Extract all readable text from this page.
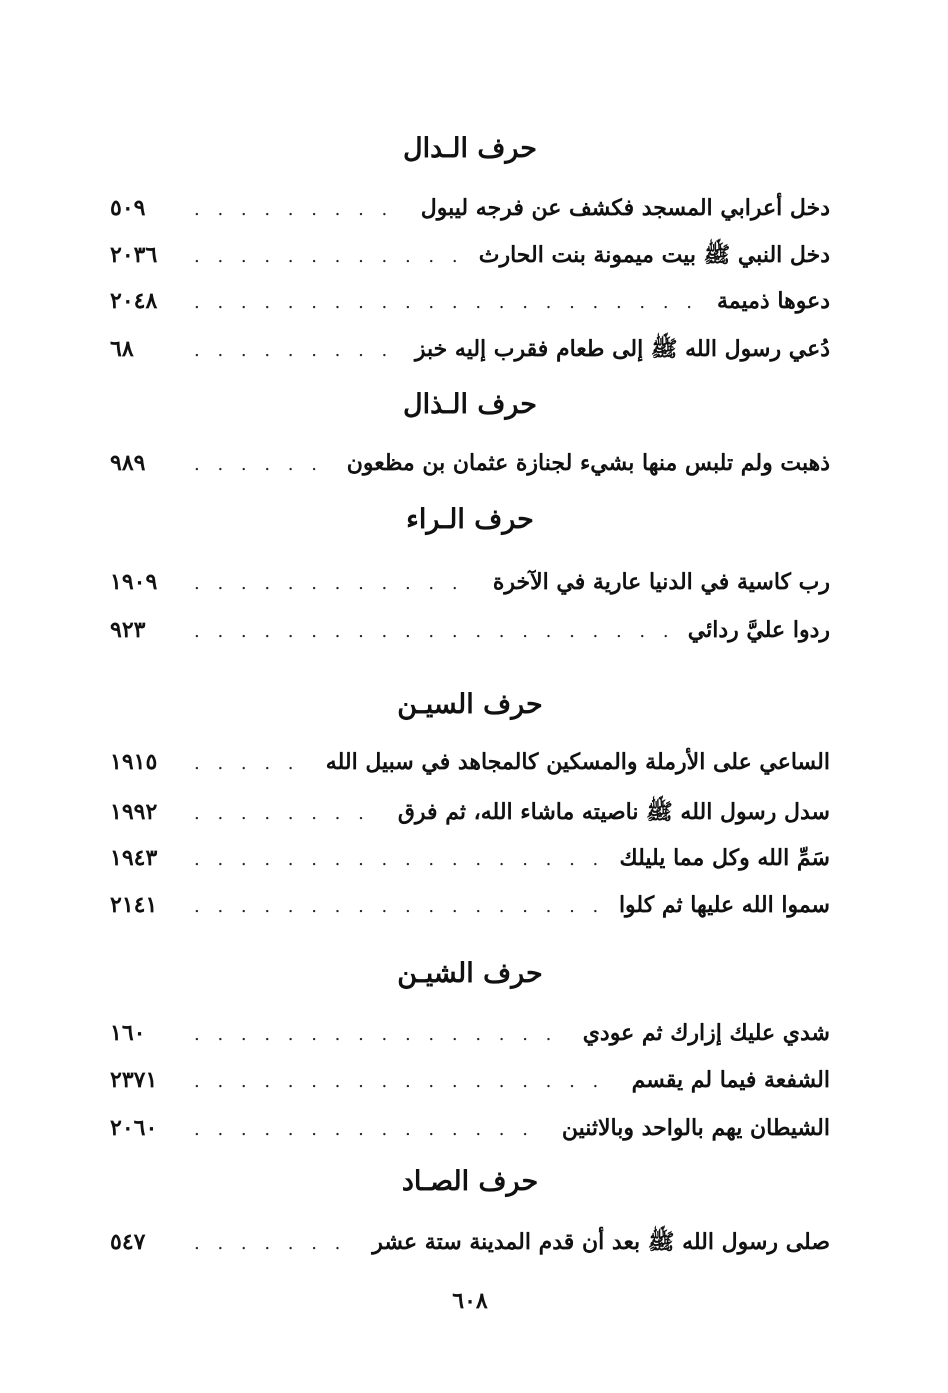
حرف الـدال
دخل أعرابي المسجد فكشف عن فرجه ليبول
. . .
٥٠٩
دخل النبي ﷺ بيت ميمونة بنت الحارث
. . .
٢٠٣٦
دعوها ذميمة
. . .
٢٠٤٨
دُعي رسول الله ﷺ إلى طعام فقرب إليه خبز
. . .
٦٨
حرف الـذال
ذهبت ولم تلبس منها بشيء لجنازة عثمان بن مظعون
. . .
٩٨٩
حرف الـراء
رب كاسية في الدنيا عارية في الآخرة
. . .
١٩٠٩
ردوا عليَّ ردائي
. . .
٩٢٣
حرف السيـن
الساعي على الأرملة والمسكين كالمجاهد في سبيل الله
. . .
١٩١٥
سدل رسول الله ﷺ ناصيته ماشاء الله، ثم فرق
. . .
١٩٩٢
سَمِّ الله وكل مما يليلك
. . .
١٩٤٣
سموا الله عليها ثم كلوا
. . .
٢١٤١
حرف الشيـن
شدي عليك إزارك ثم عودي
. . .
١٦٠
الشفعة فيما لم يقسم
. . .
٢٣٧١
الشيطان يهم بالواحد وبالاثنين
. . .
٢٠٦٠
حرف الصـاد
صلى رسول الله ﷺ بعد أن قدم المدينة ستة عشر
. . .
٥٤٧
٦٠٨
